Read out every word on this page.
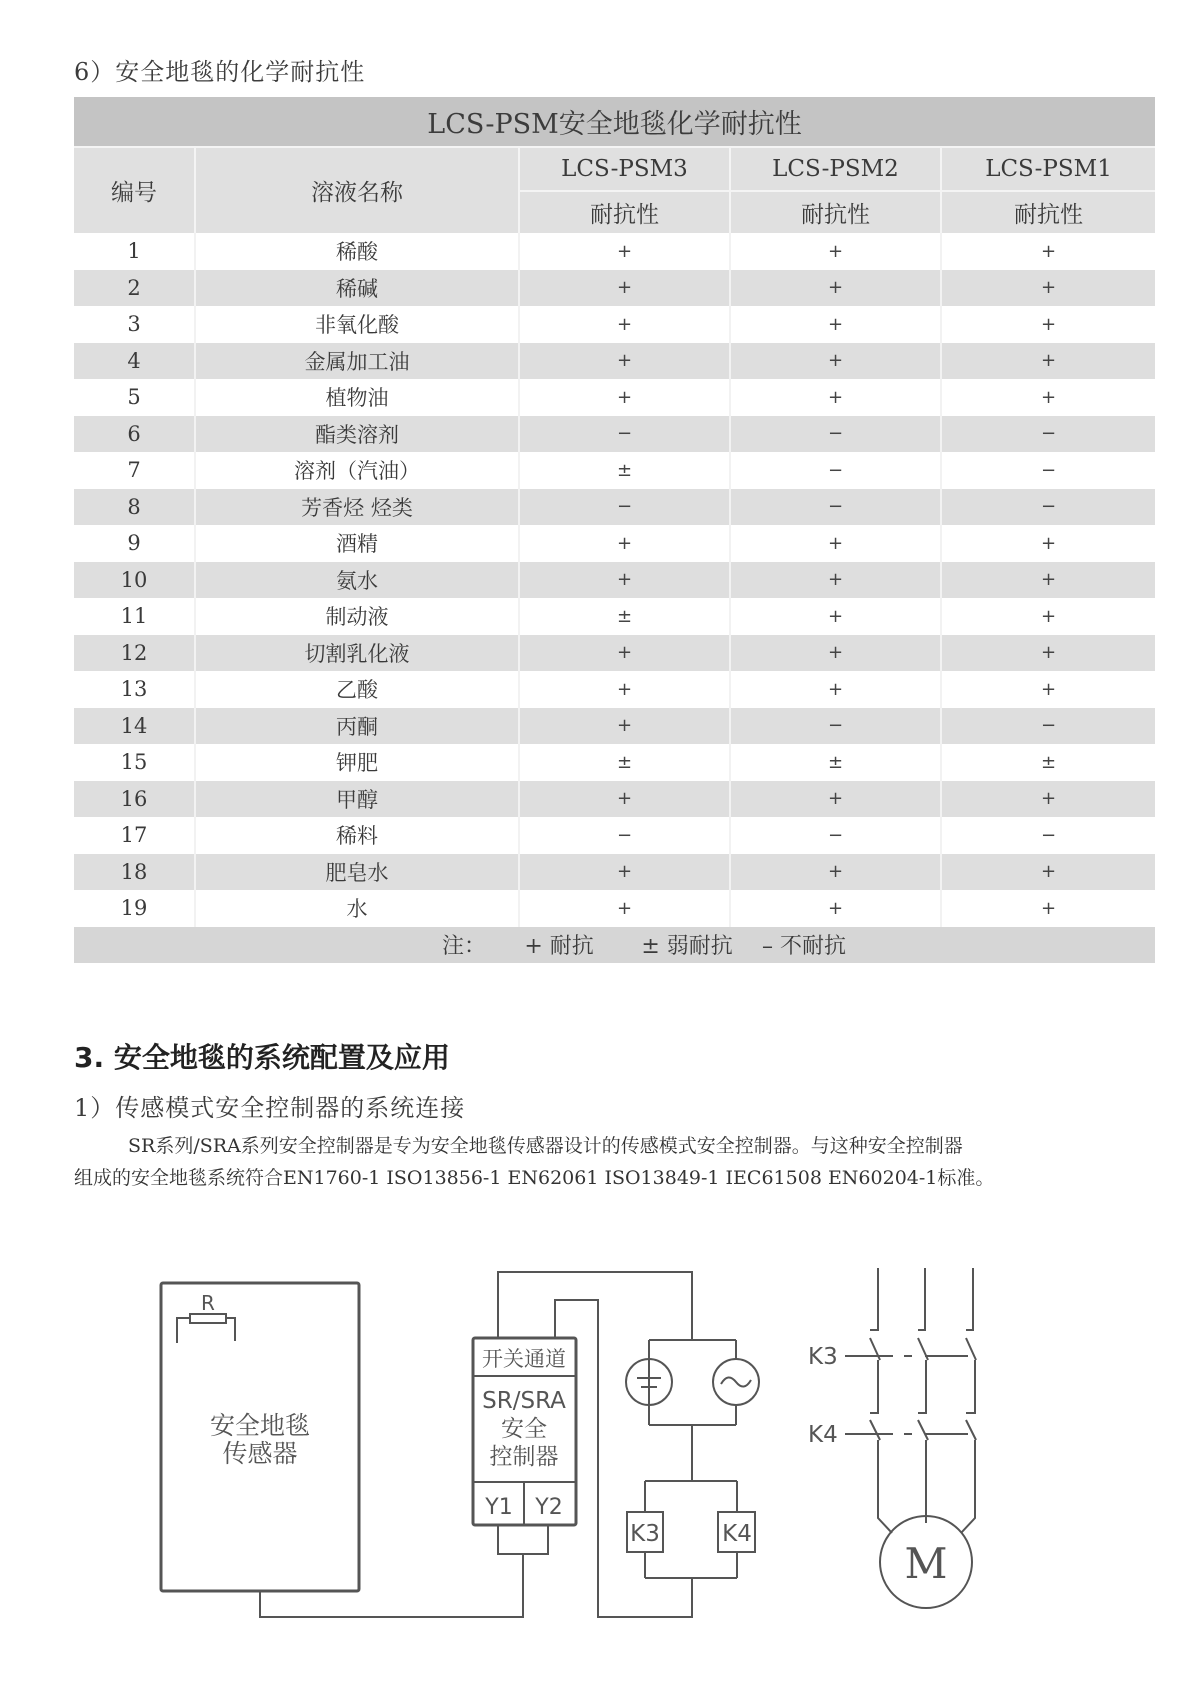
6）安全地毯的化学耐抗性
LCS-PSM安全地毯化学耐抗性				
编号	溶液名称	LCS-PSM3	LCS-PSM2	LCS-PSM1
		耐抗性	耐抗性	耐抗性
1	稀酸	+	+	+
2	稀碱	+	+	+
3	非氧化酸	+	+	+
4	金属加工油	+	+	+
5	植物油	+	+	+
6	酯类溶剂	−	−	−
7	溶剂（汽油）	±	−	−
8	芳香烃 烃类	−	−	−
9	酒精	+	+	+
10	氨水	+	+	+
11	制动液	±	+	+
12	切割乳化液	+	+	+
13	乙酸	+	+	+
14	丙酮	+	−	−
15	钾肥	±	±	±
16	甲醇	+	+	+
17	稀料	−	−	−
18	肥皂水	+	+	+
19	水	+	+	+
注： + 耐抗 ± 弱耐抗 – 不耐抗				
3. 安全地毯的系统配置及应用
1）传感模式安全控制器的系统连接
SR系列/SRA系列安全控制器是专为安全地毯传感器设计的传感模式安全控制器。与这种安全控制器
组成的安全地毯系统符合EN1760-1 ISO13856-1 EN62061 ISO13849-1 IEC61508 EN60204-1标准。
R
安全地毯
传感器
开关通道
SR/SRA
安全
控制器
Y1 Y2
K3	K4
K3
K4
M
